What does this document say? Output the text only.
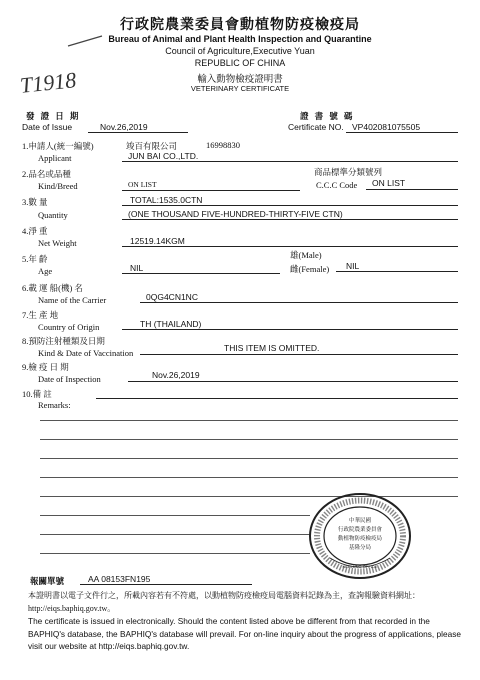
行政院農業委員會動植物防疫檢疫局
Bureau of Animal and Plant Health Inspection and Quarantine
Council of Agriculture,Executive Yuan
REPUBLIC OF CHINA
輸入動物檢疫證明書
VETERINARY CERTIFICATE
T1918
發 證 日 期
Date of Issue	Nov.26,2019
證 書 號 碼
Certificate NO. VP402081075505
1.申請人(統一編號)	竣百有限公司	16998830
Applicant	JUN BAI CO.,LTD.
2.品名或品種
Kind/Breed	ON LIST
商品標準分類號列
C.C.C Code ON LIST
3.數 量	TOTAL:1535.0CTN
Quantity	(ONE THOUSAND FIVE-HUNDRED-THIRTY-FIVE CTN)
4.淨 重
Net Weight	12519.14KGM
5.年 齡
Age	NIL
雄(Male)
雌(Female) NIL
6.載 運 船(機) 名
Name of the Carrier	0QG4CN1NC
7.生 產 地
Country of Origin	TH (THAILAND)
8.預防注射種類及日期
Kind & Date of Vaccination	THIS ITEM IS OMITTED.
9.檢 疫 日 期
Date of Inspection	Nov.26,2019
10.備 註
Remarks:
中華民國
行政院農業委員會
動植物防疫檢疫局
基隆分局
KEELUNG OFFICE
報關單號	AA 08153FN195
本證明書以電子文件行之，所載內容若有不符處，以動植物防疫檢疫局電腦資料記錄為主，查詢報驗資料網址：http://eiqs.baphiq.gov.tw。
The certificate is issued in electronically. Should the content listed above be different from that recorded in the BAPHIQ's database, the BAPHIQ's database will prevail. For on-line inquiry about the progress of applications, please visit our website at http://eiqs.baphiq.gov.tw.
